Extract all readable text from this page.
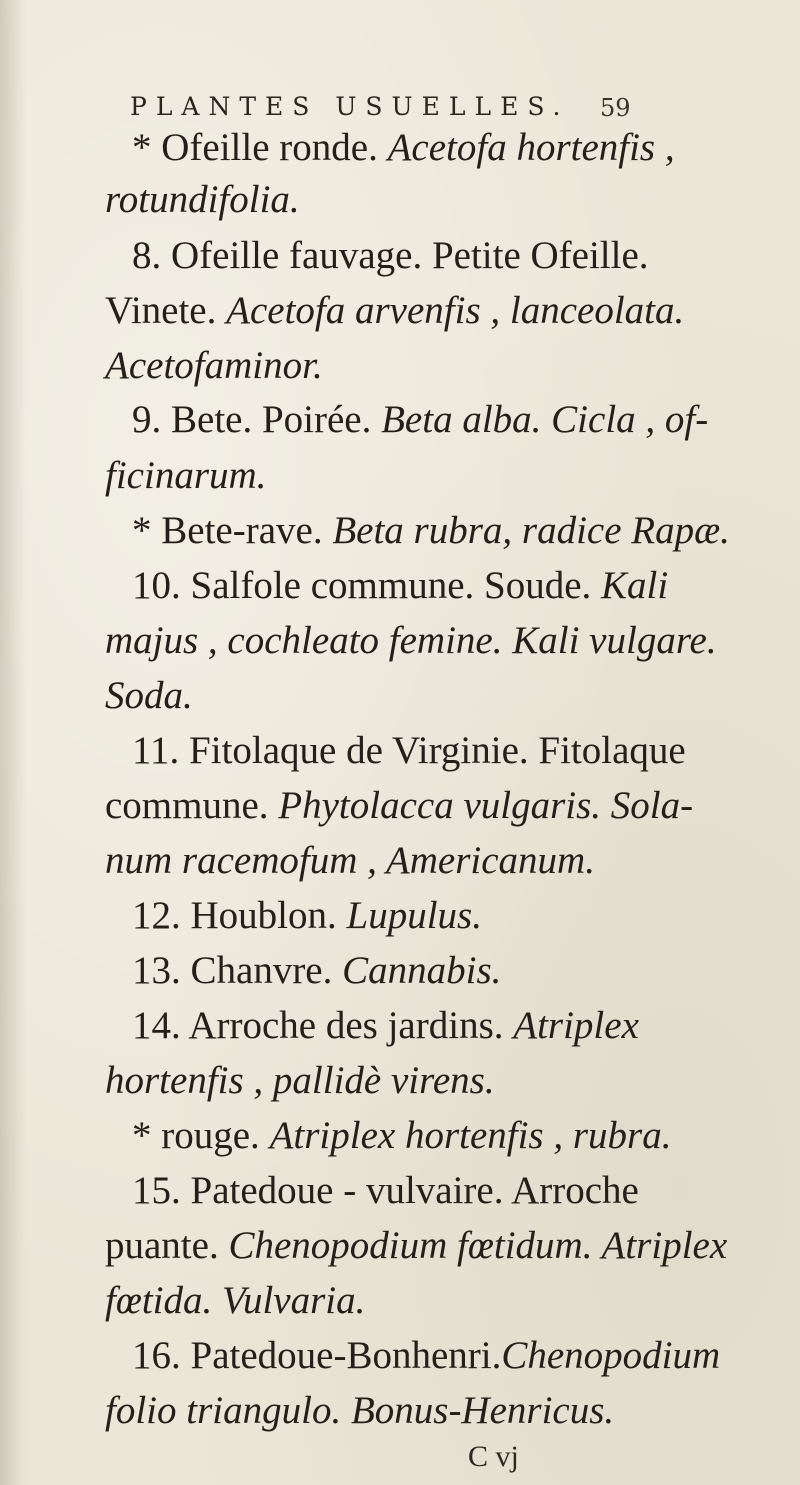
PLANTES USUELLES. 59
* Ofeille ronde. Acetofa hortenfis ,
rotundifolia.
8. Ofeille fauvage. Petite Ofeille.
Vinete. Acetofa arvenfis , lanceolata.
Acetofaminor.
9. Bete. Poirée. Beta alba. Cicla , of-
ficinarum.
* Bete-rave. Beta rubra, radice Rapæ.
10. Salfole commune. Soude. Kali
majus , cochleato femine. Kali vulgare.
Soda.
11. Fitolaque de Virginie. Fitolaque
commune. Phytolacca vulgaris. Sola-
num racemofum , Americanum.
12. Houblon. Lupulus.
13. Chanvre. Cannabis.
14. Arroche des jardins. Atriplex
hortenfis , pallidè virens.
* rouge. Atriplex hortenfis , rubra.
15. Patedoue - vulvaire. Arroche
puante. Chenopodium fœtidum. Atriplex
fœtida. Vulvaria.
16. Patedoue-Bonhenri.Chenopodium
folio triangulo. Bonus-Henricus.
C vj
